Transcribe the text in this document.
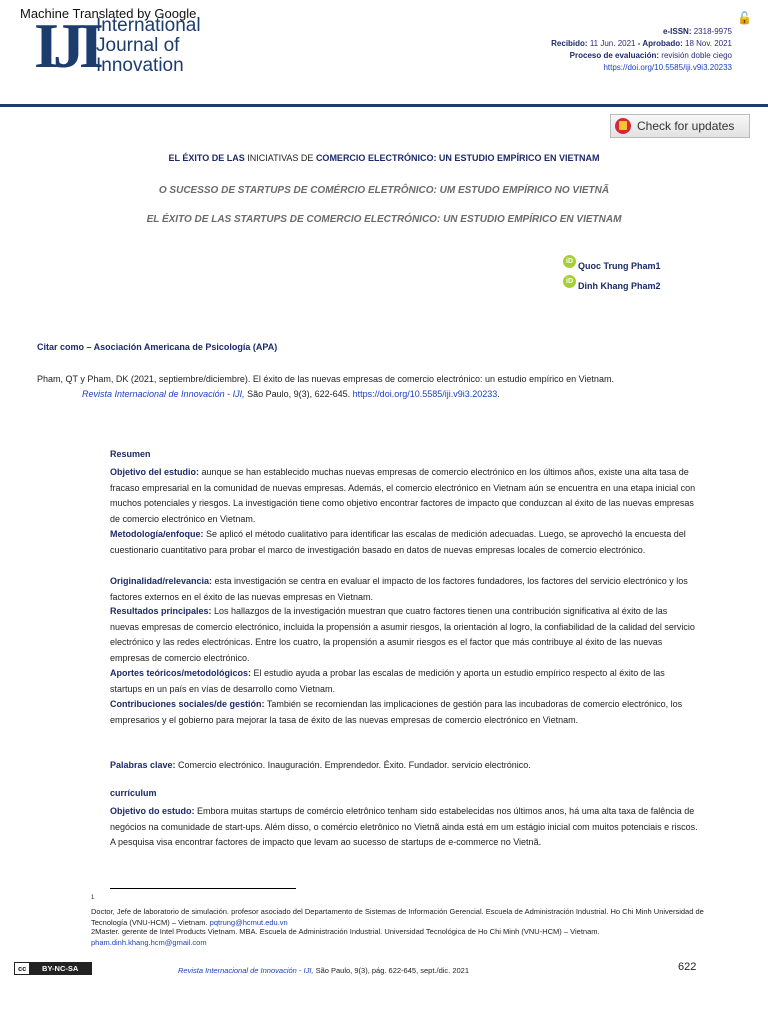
Machine Translated by Google
IJI
International
Journal of
Innovation
🔓
e-ISSN: 2318-9975
Recibido: 11 Jun. 2021 - Aprobado: 18 Nov. 2021
Proceso de evaluación: revisión doble ciego
https://doi.org/10.5585/iji.v9i3.20233
Check for updates
EL ÉXITO DE LAS INICIATIVAS DE COMERCIO ELECTRÓNICO: UN ESTUDIO EMPÍRICO EN VIETNAM
O SUCESSO DE STARTUPS DE COMÉRCIO ELETRÔNICO: UM ESTUDO EMPÍRICO NO VIETNÃ
EL ÉXITO DE LAS STARTUPS DE COMERCIO ELECTRÓNICO: UN ESTUDIO EMPÍRICO EN VIETNAM
iD Quoc Trung Pham1
iD Dinh Khang Pham2
Citar como – Asociación Americana de Psicología (APA)
Pham, QT y Pham, DK (2021, septiembre/diciembre). El éxito de las nuevas empresas de comercio electrónico: un estudio empírico en Vietnam.
Revista Internacional de Innovación - IJI, São Paulo, 9(3), 622-645. https://doi.org/10.5585/iji.v9i3.20233.
Resumen
Objetivo del estudio: aunque se han establecido muchas nuevas empresas de comercio electrónico en los últimos años, existe una alta tasa de fracaso empresarial en la comunidad de nuevas empresas. Además, el comercio electrónico en Vietnam aún se encuentra en una etapa inicial con muchos potenciales y riesgos. La investigación tiene como objetivo encontrar factores de impacto que conduzcan al éxito de las nuevas empresas de comercio electrónico en Vietnam.
Metodología/enfoque: Se aplicó el método cualitativo para identificar las escalas de medición adecuadas. Luego, se aprovechó la encuesta del cuestionario cuantitativo para probar el marco de investigación basado en datos de nuevas empresas locales de comercio electrónico.
Originalidad/relevancia: esta investigación se centra en evaluar el impacto de los factores fundadores, los factores del servicio electrónico y los factores externos en el éxito de las nuevas empresas en Vietnam.
Resultados principales: Los hallazgos de la investigación muestran que cuatro factores tienen una contribución significativa al éxito de las nuevas empresas de comercio electrónico, incluida la propensión a asumir riesgos, la orientación al logro, la confiabilidad de la calidad del servicio electrónico y las redes electrónicas. Entre los cuatro, la propensión a asumir riesgos es el factor que más contribuye al éxito de las nuevas empresas de comercio electrónico.
Aportes teóricos/metodológicos: El estudio ayuda a probar las escalas de medición y aporta un estudio empírico respecto al éxito de las startups en un país en vías de desarrollo como Vietnam.
Contribuciones sociales/de gestión: También se recomiendan las implicaciones de gestión para las incubadoras de comercio electrónico, los empresarios y el gobierno para mejorar la tasa de éxito de las nuevas empresas de comercio electrónico en Vietnam.
Palabras clave: Comercio electrónico. Inauguración. Emprendedor. Éxito. Fundador. servicio electrónico.
currículum
Objetivo do estudo: Embora muitas startups de comércio eletrônico tenham sido estabelecidas nos últimos anos, há uma alta taxa de falência de negócios na comunidade de start-ups. Além disso, o comércio eletrônico no Vietnã ainda está em um estágio inicial com muitos potenciais e riscos. A pesquisa visa encontrar factores de impacto que levam ao sucesso de startups de e-commerce no Vietnã.
$^1$
Doctor, Jefe de laboratorio de simulación. profesor asociado del Departamento de Sistemas de Información Gerencial. Escuela de Administración Industrial. Ho Chi Minh Universidad de Tecnología (VNU-HCM) – Vietnam. pqtrung@hcmut.edu.vn
2Master. gerente de Intel Products Vietnam. MBA. Escuela de Administración Industrial. Universidad Tecnológica de Ho Chi Minh (VNU-HCM) – Vietnam.
pham.dinh.khang.hcm@gmail.com
cc	BY-NC-SA	Revista Internacional de Innovación - IJI, São Paulo, 9(3), pág. 622-645, sept./dic. 2021	622
